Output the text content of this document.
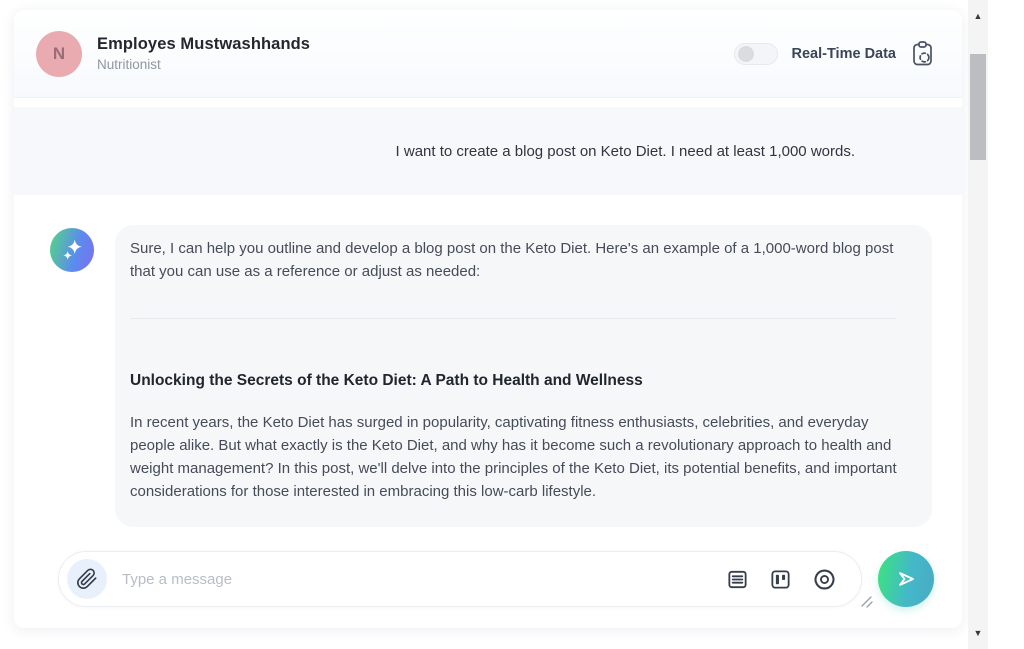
N Employes Mustwashhands
Nutritionist
Real-Time Data

I want to create a blog post on Keto Diet. I need at least 1,000 words.

Sure, I can help you outline and develop a blog post on the Keto Diet. Here's an example of a 1,000-word blog post that you can use as a reference or adjust as needed:

Unlocking the Secrets of the Keto Diet: A Path to Health and Wellness

In recent years, the Keto Diet has surged in popularity, captivating fitness enthusiasts, celebrities, and everyday people alike. But what exactly is the Keto Diet, and why has it become such a revolutionary approach to health and weight management? In this post, we'll delve into the principles of the Keto Diet, its potential benefits, and important considerations for those interested in embracing this low-carb lifestyle.

Type a message
▲
▼
